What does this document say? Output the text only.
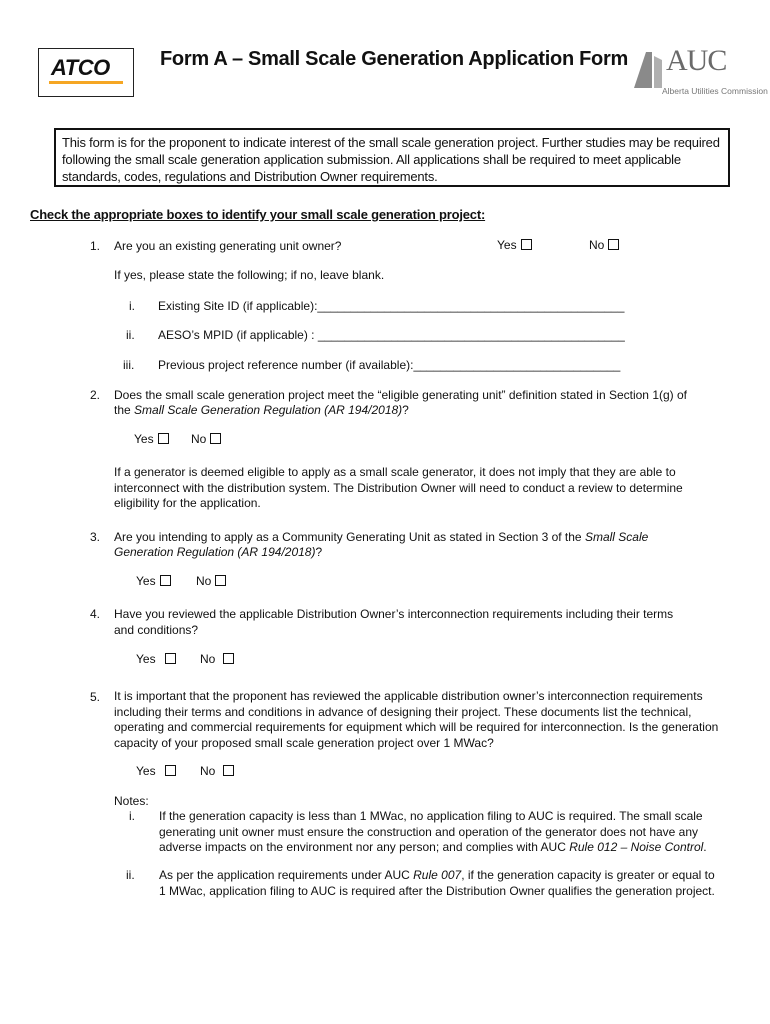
ATCO	Form A – Small Scale Generation Application Form AUC
Alberta Utilities Commission
This form is for the proponent to indicate interest of the small scale generation project. Further studies may be required following the small scale generation application submission. All applications shall be required to meet applicable standards, codes, regulations and Distribution Owner requirements.
Check the appropriate boxes to identify your small scale generation project:
1. Are you an existing generating unit owner?	Yes	No
If yes, please state the following; if no, leave blank.
i. Existing Site ID (if applicable):______________________________________________
ii. AESO’s MPID (if applicable) : ______________________________________________
iii. Previous project reference number (if available):_______________________________
2. Does the small scale generation project meet the “eligible generating unit” definition stated in Section 1(g) of
the Small Scale Generation Regulation (AR 194/2018)?
Yes	No
If a generator is deemed eligible to apply as a small scale generator, it does not imply that they are able to interconnect with the distribution system. The Distribution Owner will need to conduct a review to determine eligibility for the application.
3. Are you intending to apply as a Community Generating Unit as stated in Section 3 of the Small Scale
Generation Regulation (AR 194/2018)?
Yes	No
4. Have you reviewed the applicable Distribution Owner’s interconnection requirements including their terms and conditions?
Yes	No
5. It is important that the proponent has reviewed the applicable distribution owner’s interconnection requirements including their terms and conditions in advance of designing their project. These documents list the technical, operating and commercial requirements for equipment which will be required for interconnection. Is the generation capacity of your proposed small scale generation project over 1 MWac?
Yes	No
Notes:
i. If the generation capacity is less than 1 MWac, no application filing to AUC is required. The small scale generating unit owner must ensure the construction and operation of the generator does not have any adverse impacts on the environment nor any person; and complies with AUC Rule 012 – Noise Control.
ii. As per the application requirements under AUC Rule 007, if the generation capacity is greater or equal to 1 MWac, application filing to AUC is required after the Distribution Owner qualifies the generation project.
